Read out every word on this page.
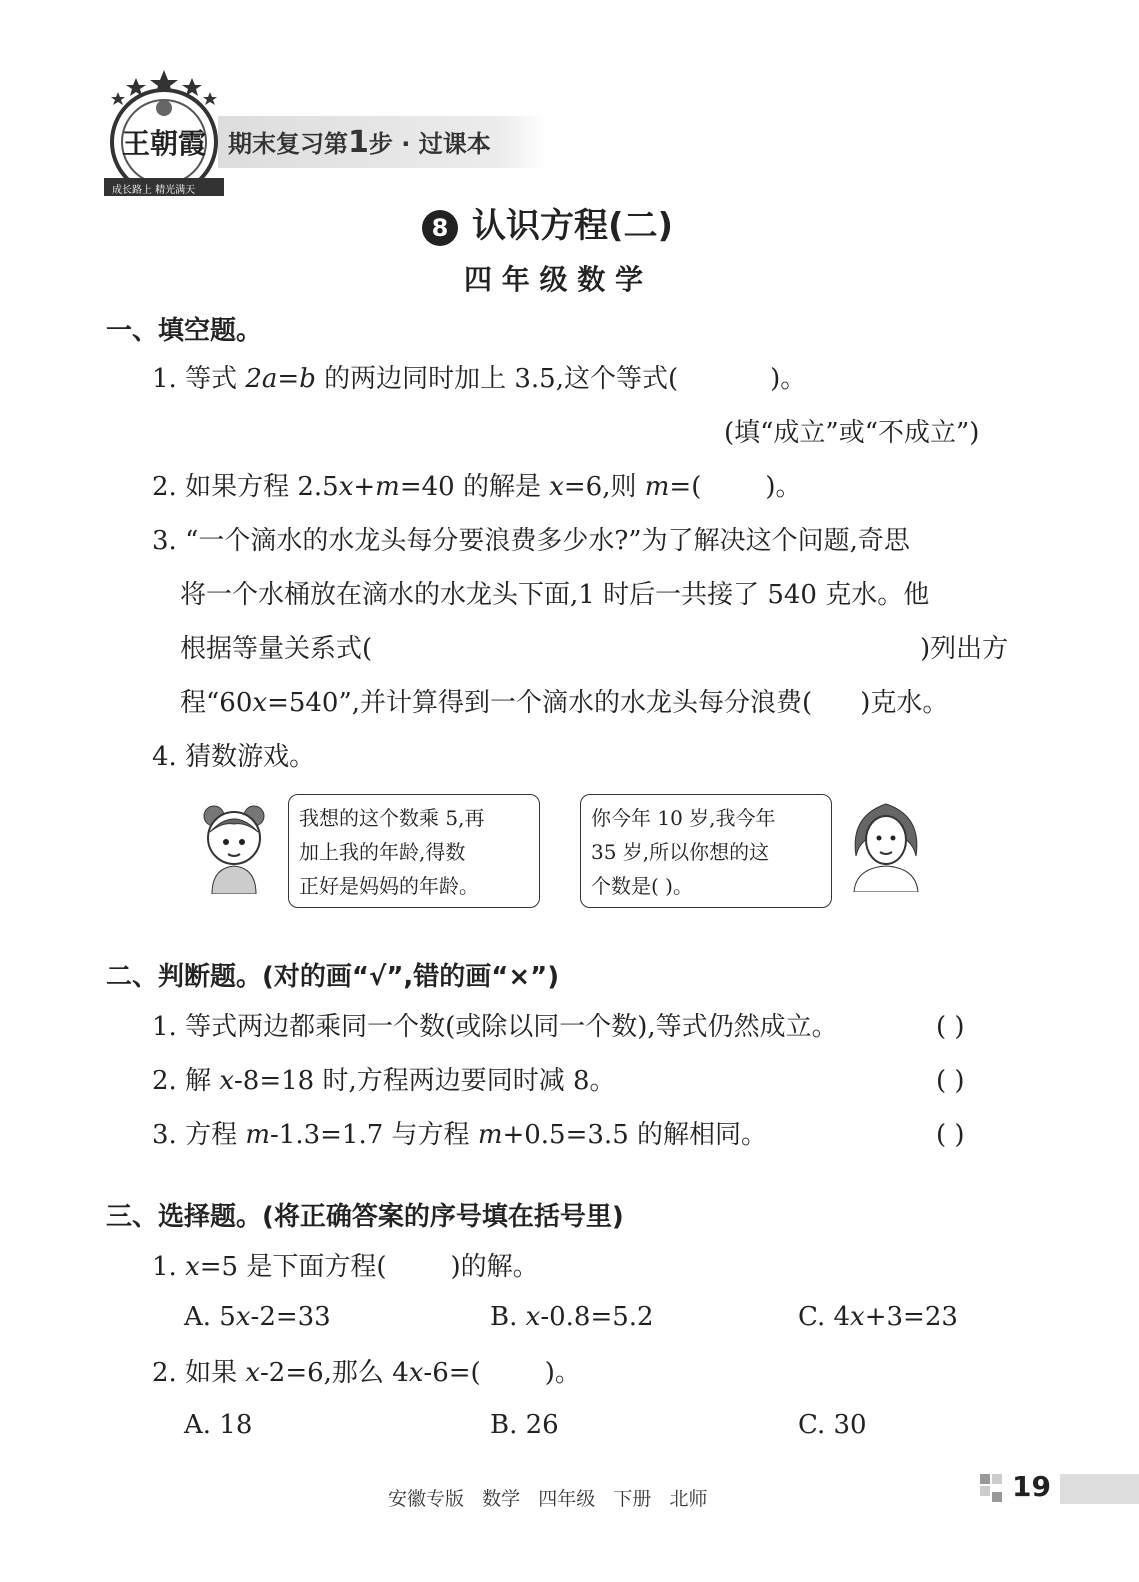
王朝霞
成长路上 精光满天
期末复习第1步 · 过课本
8 认识方程(二)
四 年 级 数 学
一、填空题。
1. 等式 2a=b 的两边同时加上 3.5,这个等式(	)。
(填“成立”或“不成立”)
2. 如果方程 2.5x+m=40 的解是 x=6,则 m=( )。
3. “一个滴水的水龙头每分要浪费多少水?”为了解决这个问题,奇思
将一个水桶放在滴水的水龙头下面,1 时后一共接了 540 克水。他
根据等量关系式(	)列出方
程“60x=540”,并计算得到一个滴水的水龙头每分浪费( )克水。
4. 猜数游戏。
我想的这个数乘 5,再
加上我的年龄,得数
正好是妈妈的年龄。
你今年 10 岁,我今年
35 岁,所以你想的这
个数是( )。
二、判断题。(对的画“√”,错的画“×”)
1. 等式两边都乘同一个数(或除以同一个数),等式仍然成立。	( )
2. 解 x-8=18 时,方程两边要同时减 8。	( )
3. 方程 m-1.3=1.7 与方程 m+0.5=3.5 的解相同。	( )
三、选择题。(将正确答案的序号填在括号里)
1. x=5 是下面方程( )的解。
A. 5x-2=33	B. x-0.8=5.2	C. 4x+3=23
2. 如果 x-2=6,那么 4x-6=( )。
A. 18	B. 26	C. 30
安徽专版   数学   四年级   下册   北师	19
